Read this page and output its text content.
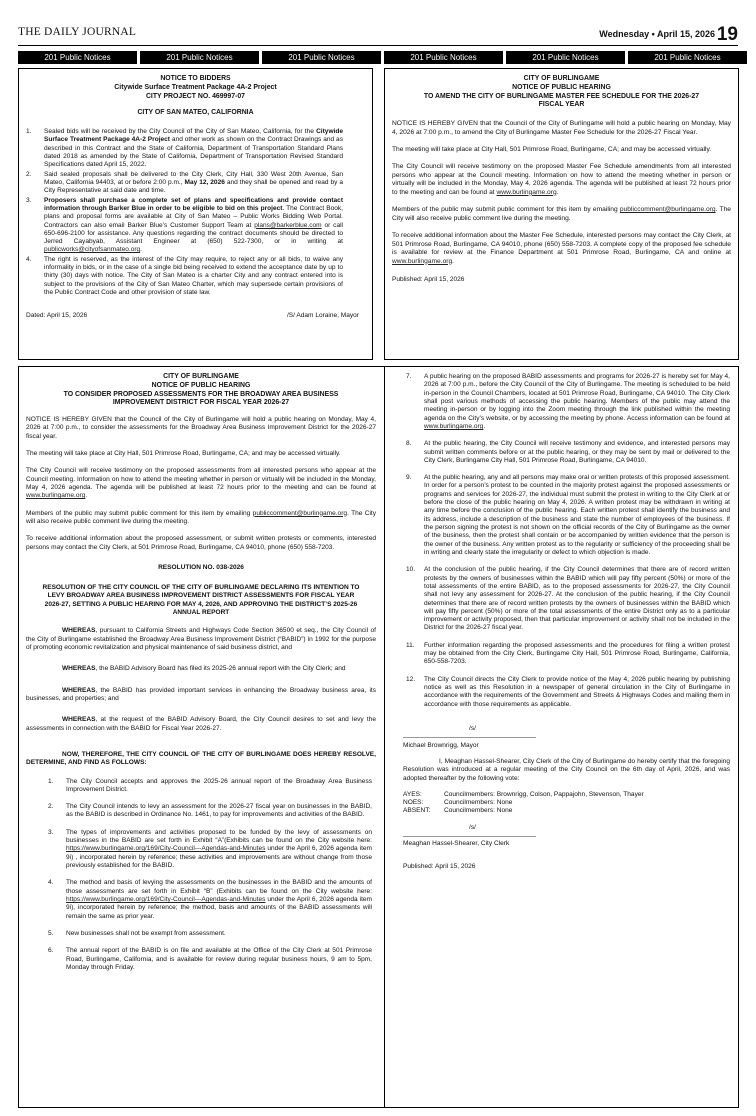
THE DAILY JOURNAL	Wednesday • April 15, 2026 19
201 Public Notices	201 Public Notices	201 Public Notices	201 Public Notices	201 Public Notices	201 Public Notices
NOTICE TO BIDDERS
Citywide Surface Treatment Package 4A-2 Project
CITY PROJECT NO. 469997-07
CITY OF SAN MATEO, CALIFORNIA
1. Sealed bids will be received by the City Council of the City of San Mateo, California, for the Citywide Surface Treatment Package 4A-2 Project and other work as shown on the Contract Drawings and as described in this Contract and the State of California, Department of Transportation Standard Plans dated 2018 as amended by the State of California, Department of Transportation Revised Standard Specifications dated April 15, 2022.
2. Said sealed proposals shall be delivered to the City Clerk, City Hall, 330 West 20th Avenue, San Mateo, California 94403, at or before 2:00 p.m., May 12, 2026 and they shall be opened and read by a City Representative at said date and time.
3. Proposers shall purchase a complete set of plans and specifications and provide contact information through Barker Blue in order to be eligible to bid on this project. The Contract Book, plans and proposal forms are available at City of San Mateo – Public Works Bidding Web Portal. Contractors can also email Barker Blue’s Customer Support Team at plans@barkerblue.com or call 650-696-2100 for assistance. Any questions regarding the contract documents should be directed to Jerred Cayabyab, Assistant Engineer at (650) 522-7300, or in writing at publicworks@cityofsanmateo.org.
4. The right is reserved, as the interest of the City may require, to reject any or all bids, to waive any informality in bids, or in the case of a single bid being received to extend the acceptance date by up to thirty (30) days with notice. The City of San Mateo is a charter City and any contract entered into is subject to the provisions of the City of San Mateo Charter, which may supersede certain provisions of the Public Contract Code and other provision of state law.
Dated: April 15, 2026	/S/ Adam Loraine, Mayor
CITY OF BURLINGAME
NOTICE OF PUBLIC HEARING
TO AMEND THE CITY OF BURLINGAME MASTER FEE SCHEDULE FOR THE 2026-27
FISCAL YEAR

NOTICE IS HEREBY GIVEN that the Council of the City of Burlingame will hold a public hearing on Monday, May 4, 2026 at 7:00 p.m., to amend the City of Burlingame Master Fee Schedule for the 2026-27 Fiscal Year.

The meeting will take place at City Hall, 501 Primrose Road, Burlingame, CA; and may be accessed virtually.

The City Council will receive testimony on the proposed Master Fee Schedule amendments from all interested persons who appear at the Council meeting. Information on how to attend the meeting whether in person or virtually will be included in the Monday, May 4, 2026 agenda. The agenda will be published at least 72 hours prior to the meeting and can be found at www.burlingame.org.

Members of the public may submit public comment for this item by emailing publiccomment@burlingame.org. The City will also receive public comment live during the meeting.

To receive additional information about the Master Fee Schedule, interested persons may contact the City Clerk, at 501 Primrose Road, Burlingame, CA 94010, phone (650) 558-7203. A complete copy of the proposed fee schedule is available for review at the Finance Department at 501 Primrose Road, Burlingame, CA and online at www.burlingame.org.

Published: April 15, 2026

CITY OF BURLINGAME
NOTICE OF PUBLIC HEARING
TO CONSIDER PROPOSED ASSESSMENTS FOR THE BROADWAY AREA BUSINESS
IMPROVEMENT DISTRICT FOR FISCAL YEAR 2026-27

NOTICE IS HEREBY GIVEN that the Council of the City of Burlingame will hold a public hearing on Monday, May 4, 2026 at 7:00 p.m., to consider the assessments for the Broadway Area Business Improvement District for the 2026-27 fiscal year.

The meeting will take place at City Hall, 501 Primrose Road, Burlingame, CA; and may be accessed virtually.

The City Council will receive testimony on the proposed assessments from all interested persons who appear at the Council meeting. Information on how to attend the meeting whether in person or virtually will be included in the Monday, May 4, 2026 agenda. The agenda will be published at least 72 hours prior to the meeting and can be found at www.burlingame.org.

Members of the public may submit public comment for this item by emailing publiccomment@burlingame.org. The City will also receive public comment live during the meeting.

To receive additional information about the proposed assessment, or submit written protests or comments, interested persons may contact the City Clerk, at 501 Primrose Road, Burlingame, CA 94010, phone (650) 558-7203.

RESOLUTION NO. 038-2026
RESOLUTION OF THE CITY COUNCIL OF THE CITY OF BURLINGAME DECLARING ITS INTENTION TO LEVY BROADWAY AREA BUSINESS IMPROVEMENT DISTRICT ASSESSMENTS FOR FISCAL YEAR 2026-27, SETTING A PUBLIC HEARING FOR MAY 4, 2026, AND APPROVING THE DISTRICT’S 2025-26 ANNUAL REPORT

WHEREAS, pursuant to California Streets and Highways Code Section 36500 et seq., the City Council of the City of Burlingame established the Broadway Area Business Improvement District (“BABID”) in 1992 for the purpose of promoting economic revitalization and physical maintenance of said business district, and

WHEREAS, the BABID Advisory Board has filed its 2025-26 annual report with the City Clerk; and

WHEREAS, the BABID has provided important services in enhancing the Broadway business area, its businesses, and properties; and

WHEREAS, at the request of the BABID Advisory Board, the City Council desires to set and levy the assessments in connection with the BABID for Fiscal Year 2026-27.

NOW, THEREFORE, THE CITY COUNCIL OF THE CITY OF BURLINGAME DOES HEREBY RESOLVE, DETERMINE, AND FIND AS FOLLOWS:

1. The City Council accepts and approves the 2025-26 annual report of the Broadway Area Business Improvement District.
2. The City Council intends to levy an assessment for the 2026-27 fiscal year on businesses in the BABID, as the BABID is described in Ordinance No. 1461, to pay for improvements and activities of the BABID.
3. The types of improvements and activities proposed to be funded by the levy of assessments on businesses in the BABID are set forth in Exhibit “A”(Exhibits can be found on the City website here: https://www.burlingame.org/169/City-Council---Agendas-and-Minutes under the April 6, 2026 agenda item 9i) , incorporated herein by reference; these activities and improvements are without change from those previously established for the BABID.
4. The method and basis of levying the assessments on the businesses in the BABID and the amounts of those assessments are set forth in Exhibit “B” (Exhibits can be found on the City website here: https://www.burlingame.org/169/City-Council---Agendas-and-Minutes under the April 6, 2026 agenda item 9i), incorporated herein by reference; the method, basis and amounts of the BABID assessments will remain the same as prior year.
5. New businesses shall not be exempt from assessment.
6. The annual report of the BABID is on file and available at the Office of the City Clerk at 501 Primrose Road, Burlingame, California, and is available for review during regular business hours, 9 am to 5pm, Monday through Friday.
7. A public hearing on the proposed BABID assessments and programs for 2026-27 is hereby set for May 4, 2026 at 7:00 p.m., before the City Council of the City of Burlingame. The meeting is scheduled to be held in-person in the Council Chambers, located at 501 Primrose Road, Burlingame, CA 94010. The City Clerk shall post various methods of accessing the public hearing. Members of the public may attend the meeting in-person or by logging into the Zoom meeting through the link published within the meeting agenda on the City’s website, or by accessing the meeting by phone. Access information can be found at www.burlingame.org.
8. At the public hearing, the City Council will receive testimony and evidence, and interested persons may submit written comments before or at the public hearing, or they may be sent by mail or delivered to the City Clerk, Burlingame City Hall, 501 Primrose Road, Burlingame, CA 94010.
9. At the public hearing, any and all persons may make oral or written protests of this proposed assessment. In order for a person’s protest to be counted in the majority protest against the proposed assessments or programs and services for 2026-27, the individual must submit the protest in writing to the City Clerk at or before the close of the public hearing on May 4, 2026. A written protest may be withdrawn in writing at any time before the conclusion of the public hearing. Each written protest shall identify the business and its address, include a description of the business and state the number of employees of the business. If the person signing the protest is not shown on the official records of the City of Burlingame as the owner of the business, then the protest shall contain or be accompanied by written evidence that the person is the owner of the business. Any written protest as to the regularity or sufficiency of the proceeding shall be in writing and clearly state the irregularity or defect to which objection is made.
10. At the conclusion of the public hearing, if the City Council determines that there are of record written protests by the owners of businesses within the BABID which will pay fifty percent (50%) or more of the total assessments of the entire BABID, as to the proposed assessments for 2026-27, the City Council shall not levy any assessment for 2026-27. At the conclusion of the public hearing, if the City Council determines that there are of record written protests by the owners of businesses within the BABID which will pay fifty percent (50%) or more of the total assessments of the entire District only as to a particular improvement or activity proposed, then that particular improvement or activity shall not be included in the District for the 2026-27 fiscal year.
11. Further information regarding the proposed assessments and the procedures for filing a written protest may be obtained from the City Clerk, Burlingame City Hall, 501 Primrose Road, Burlingame, California, 650-558-7203.
12. The City Council directs the City Clerk to provide notice of the May 4, 2026 public hearing by publishing notice as well as this Resolution in a newspaper of general circulation in the City of Burlingame in accordance with the requirements of the Government and Streets & Highways Codes and mailing them in accordance with those requirements as applicable.
/s/

Michael Brownrigg, Mayor

I, Meaghan Hassel-Shearer, City Clerk of the City of Burlingame do hereby certify that the foregoing Resolution was introduced at a regular meeting of the City Council on the 6th day of April, 2026, and was adopted thereafter by the following vote:

AYES:	Councilmembers: Brownrigg, Colson, Pappajohn, Stevenson, Thayer
NOES:	Councilmembers: None
ABSENT:	Councilmembers: None
/s/

Meaghan Hassel-Shearer, City Clerk

Published: April 15, 2026
